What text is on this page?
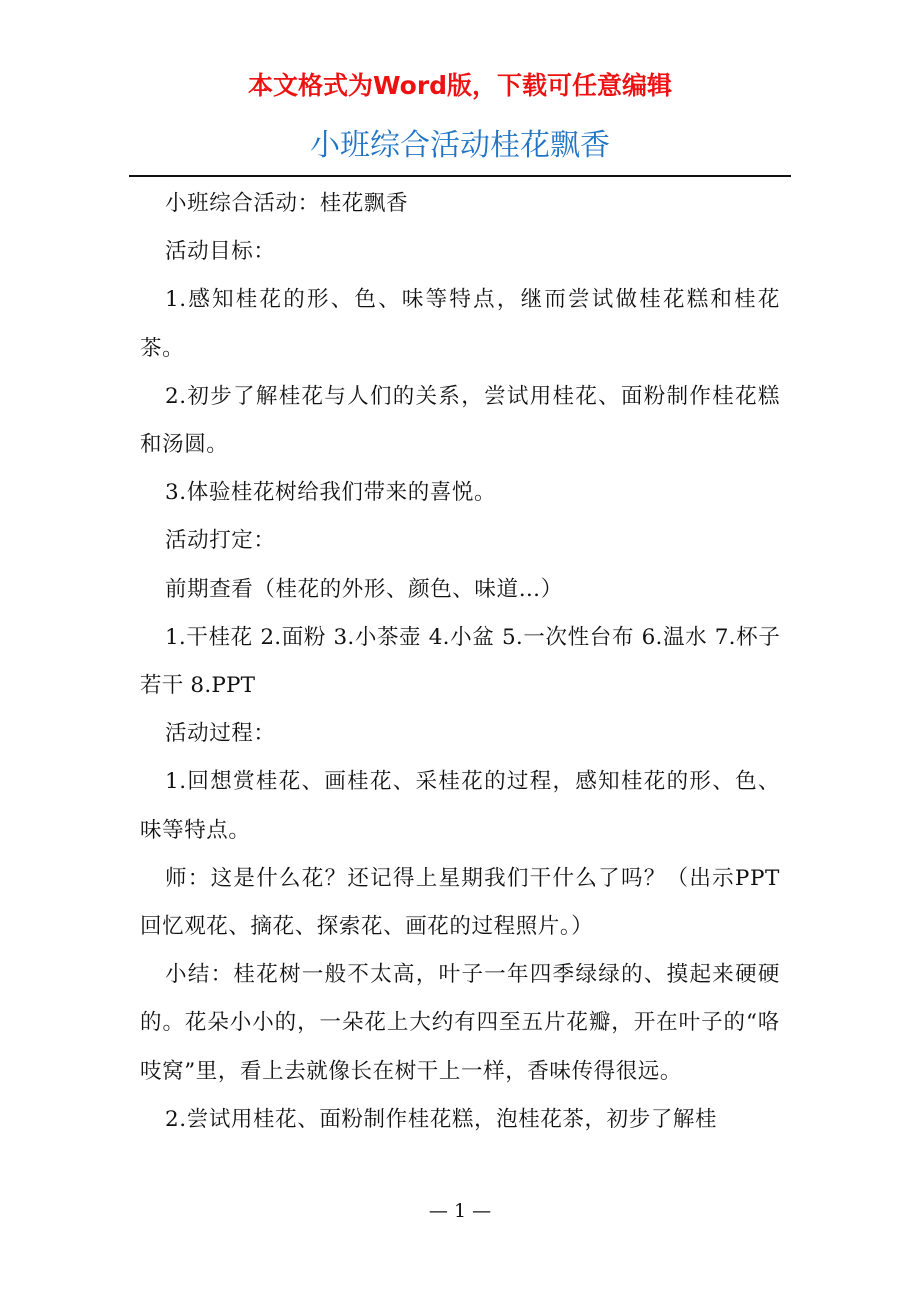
本文格式为Word版，下载可任意编辑
小班综合活动桂花飘香

小班综合活动：桂花飘香

活动目标：

1.感知桂花的形、色、味等特点，继而尝试做桂花糕和桂花茶。

2.初步了解桂花与人们的关系，尝试用桂花、面粉制作桂花糕和汤圆。

3.体验桂花树给我们带来的喜悦。

活动打定：

前期查看（桂花的外形、颜色、味道…）

1.干桂花 2.面粉 3.小茶壶 4.小盆 5.一次性台布 6.温水 7.杯子若干 8.PPT

活动过程：

1.回想赏桂花、画桂花、采桂花的过程，感知桂花的形、色、味等特点。

师：这是什么花？还记得上星期我们干什么了吗？（出示PPT回忆观花、摘花、探索花、画花的过程照片。）

小结：桂花树一般不太高，叶子一年四季绿绿的、摸起来硬硬的。花朵小小的，一朵花上大约有四至五片花瓣，开在叶子的“咯吱窝”里，看上去就像长在树干上一样，香味传得很远。

2.尝试用桂花、面粉制作桂花糕，泡桂花茶，初步了解桂

— 1 —
